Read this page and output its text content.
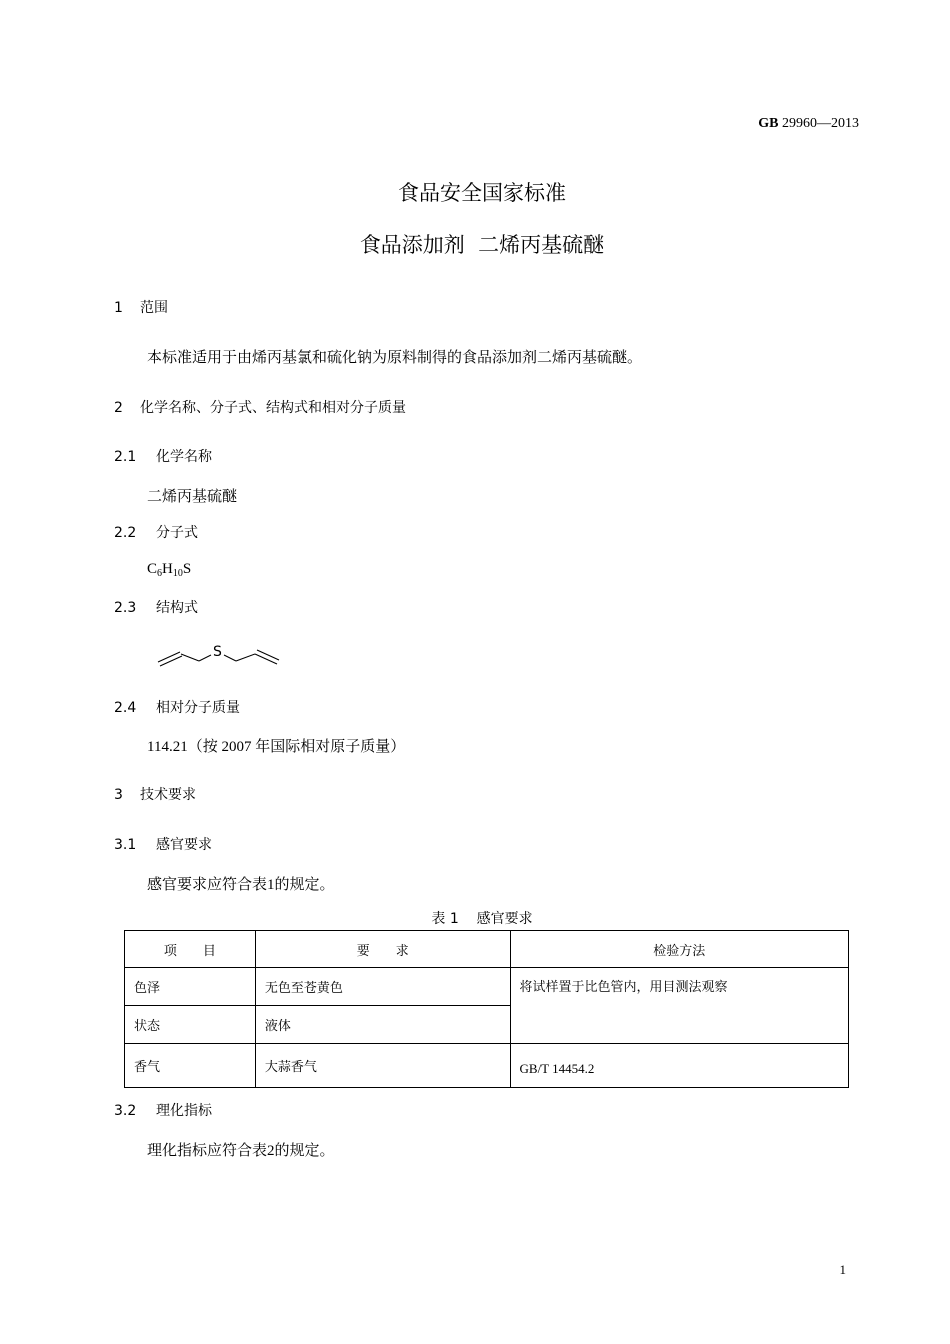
GB 29960—2013
食品安全国家标准
食品添加剂  二烯丙基硫醚
1 范围
本标准适用于由烯丙基氯和硫化钠为原料制得的食品添加剂二烯丙基硫醚。
2 化学名称、分子式、结构式和相对分子质量
2.1 化学名称
二烯丙基硫醚
2.2 分子式
$C_6H_{10}S$
2.3 结构式
S
2.4 相对分子质量
114.21（按 2007 年国际相对原子质量）
3 技术要求
3.1 感官要求
感官要求应符合表1的规定。
表 1    感官要求
项　　目	要　　求	检验方法
色泽	无色至苍黄色	将试样置于比色管内，用目测法观察
状态	液体	
香气	大蒜香气	GB/T 14454.2
3.2 理化指标
理化指标应符合表2的规定。
1
